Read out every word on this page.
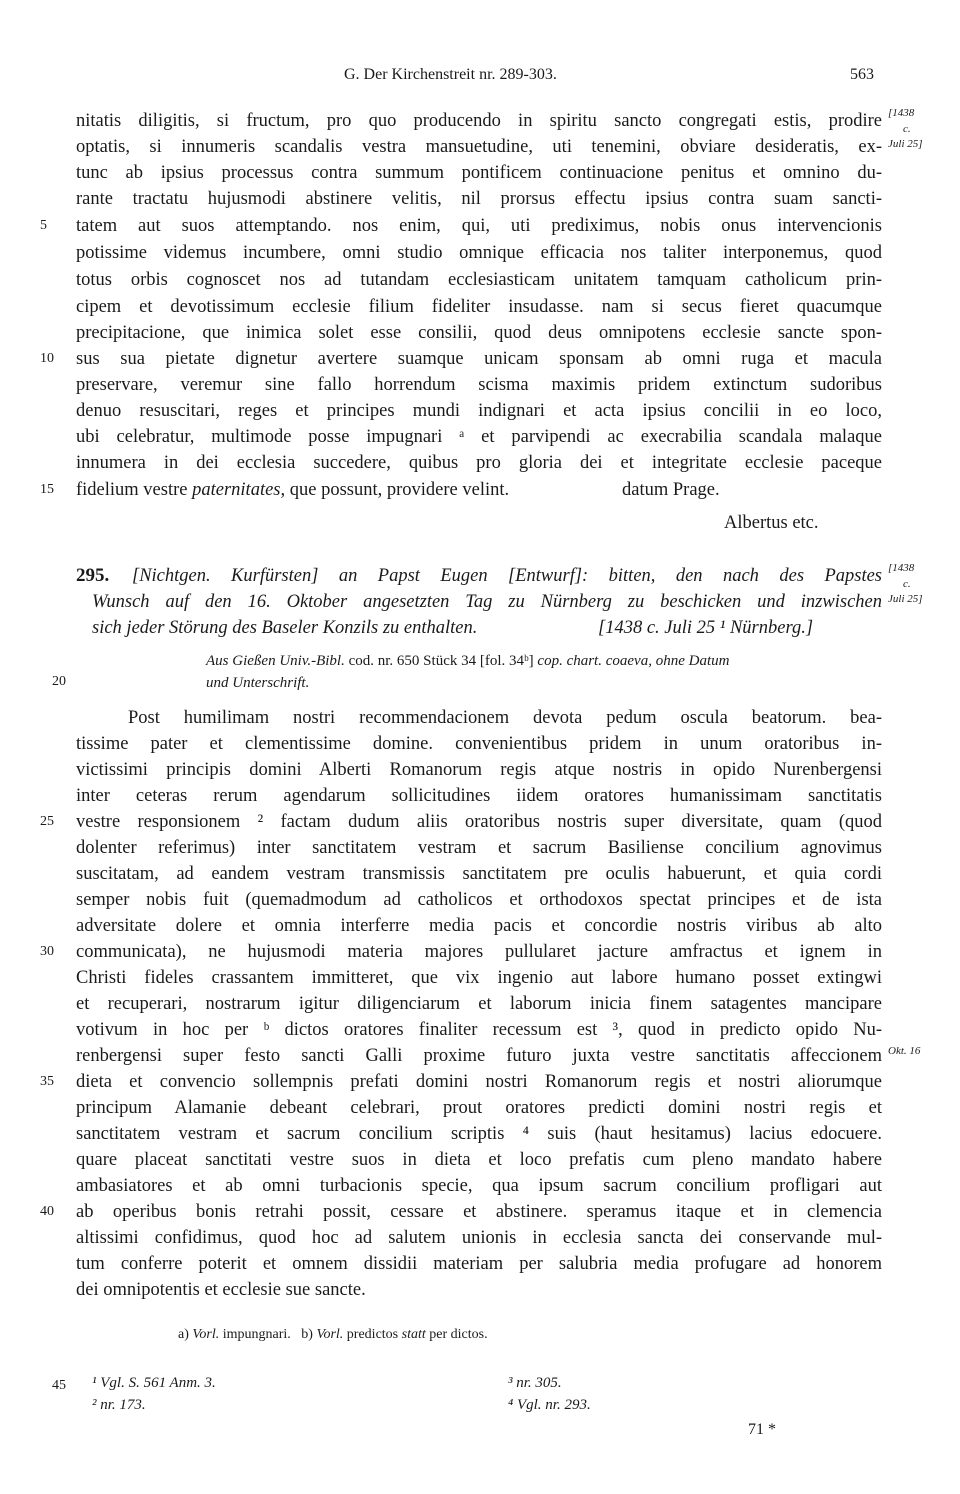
G. Der Kirchenstreit nr. 289-303.	563
nitatis diligitis, si fructum, pro quo producendo in spiritu sancto congregati estis, prodire
optatis, si innumeris scandalis vestra mansuetudine, uti tenemini, obviare desideratis, ex-
tunc ab ipsius processus contra summum pontificem continuacione penitus et omnino du-
rante tractatu hujusmodi abstinere velitis, nil prorsus effectu ipsius contra suam sancti-
tatem aut suos attemptando. nos enim, qui, uti prediximus, nobis onus intervencionis
potissime videmus incumbere, omni studio omnique efficacia nos taliter interponemus, quod
totus orbis cognoscet nos ad tutandam ecclesiasticam unitatem tamquam catholicum prin-
cipem et devotissimum ecclesie filium fideliter insudasse. nam si secus fieret quacumque
precipitacione, que inimica solet esse consilii, quod deus omnipotens ecclesie sancte spon-
sus sua pietate dignetur avertere suamque unicam sponsam ab omni ruga et macula
preservare, veremur sine fallo horrendum scisma maximis pridem extinctum sudoribus
denuo resuscitari, reges et principes mundi indignari et acta ipsius concilii in eo loco,
ubi celebratur, multimode posse impugnari ᵃ et parvipendi ac execrabilia scandala malaque
innumera in dei ecclesia succedere, quibus pro gloria dei et integritate ecclesie paceque
fidelium vestre paternitates, que possunt, providere velint.	datum Prage.
Albertus etc.
295. [Nichtgen. Kurfürsten] an Papst Eugen [Entwurf]: bitten, den nach des Papstes
Wunsch auf den 16. Oktober angesetzten Tag zu Nürnberg zu beschicken und inzwischen
sich jeder Störung des Baseler Konzils zu enthalten.	[1438 c. Juli 25 ¹ Nürnberg.]
Aus Gießen Univ.-Bibl. cod. nr. 650 Stück 34 [fol. 34ᵇ] cop. chart. coaeva, ohne Datum
und Unterschrift.
Post humilimam nostri recommendacionem devota pedum oscula beatorum. bea-
tissime pater et clementissime domine. convenientibus pridem in unum oratoribus in-
victissimi principis domini Alberti Romanorum regis atque nostris in opido Nurenbergensi
inter ceteras rerum agendarum sollicitudines iidem oratores humanissimam sanctitatis
vestre responsionem ² factam dudum aliis oratoribus nostris super diversitate, quam (quod
dolenter referimus) inter sanctitatem vestram et sacrum Basiliense concilium agnovimus
suscitatam, ad eandem vestram transmissis sanctitatem pre oculis habuerunt, et quia cordi
semper nobis fuit (quemadmodum ad catholicos et orthodoxos spectat principes et de ista
adversitate dolere et omnia interferre media pacis et concordie nostris viribus ab alto
communicata), ne hujusmodi materia majores pullularet jacture amfractus et ignem in
Christi fideles crassantem immitteret, que vix ingenio aut labore humano posset extingwi
et recuperari, nostrarum igitur diligenciarum et laborum inicia finem satagentes mancipare
votivum in hoc per ᵇ dictos oratores finaliter recessum est ³, quod in predicto opido Nu-
renbergensi super festo sancti Galli proxime futuro juxta vestre sanctitatis affeccionem
dieta et convencio sollempnis prefati domini nostri Romanorum regis et nostri aliorumque
principum Alamanie debeant celebrari, prout oratores predicti domini nostri regis et
sanctitatem vestram et sacrum concilium scriptis ⁴ suis (haut hesitamus) lacius edocuere.
quare placeat sanctitati vestre suos in dieta et loco prefatis cum pleno mandato habere
ambasiatores et ab omni turbacionis specie, qua ipsum sacrum concilium profligari aut
ab operibus bonis retrahi possit, cessare et abstinere. speramus itaque et in clemencia
altissimi confidimus, quod hoc ad salutem unionis in ecclesia sancta dei conservande mul-
tum conferre poterit et omnem dissidii materiam per salubria media profugare ad honorem
dei omnipotentis et ecclesie sue sancte.
[1438
c.
Juli 25]
[1438
c.
Juli 25]
Okt. 16
5
10
15
20
25
30
35
40
45
a) Vorl. impungnari. b) Vorl. predictos statt per dictos.
¹ Vgl. S. 561 Anm. 3.
² nr. 173.
³ nr. 305.
⁴ Vgl. nr. 293.
71 *
